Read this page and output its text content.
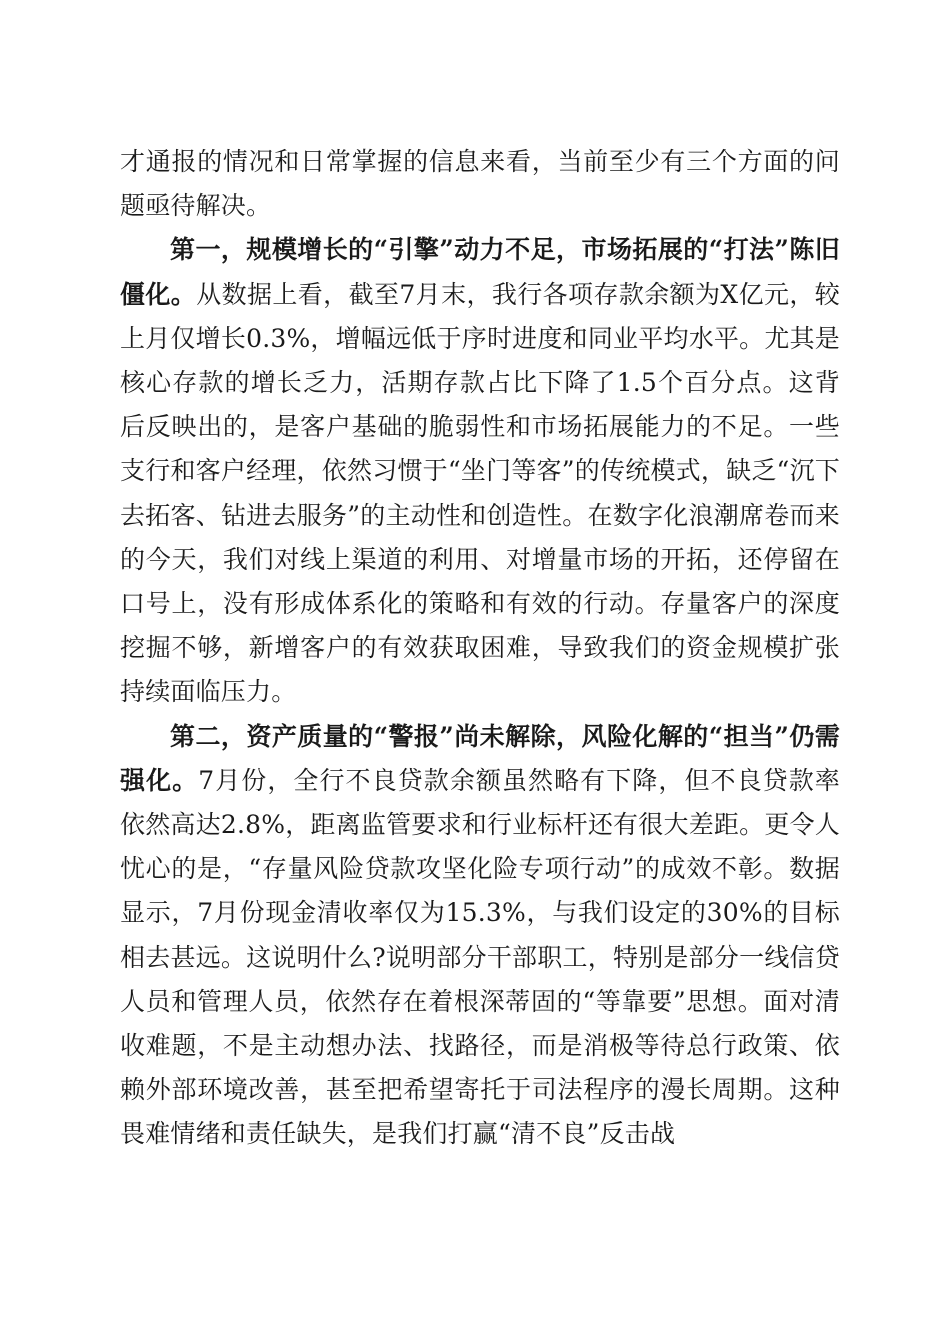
才通报的情况和日常掌握的信息来看，当前至少有三个方面的问题亟待解决。

第一，规模增长的“引擎”动力不足，市场拓展的“打法”陈旧僵化。从数据上看，截至7月末，我行各项存款余额为X亿元，较上月仅增长0.3%，增幅远低于序时进度和同业平均水平。尤其是核心存款的增长乏力，活期存款占比下降了1.5个百分点。这背后反映出的，是客户基础的脆弱性和市场拓展能力的不足。一些支行和客户经理，依然习惯于“坐门等客”的传统模式，缺乏“沉下去拓客、钻进去服务”的主动性和创造性。在数字化浪潮席卷而来的今天，我们对线上渠道的利用、对增量市场的开拓，还停留在口号上，没有形成体系化的策略和有效的行动。存量客户的深度挖掘不够，新增客户的有效获取困难，导致我们的资金规模扩张持续面临压力。

第二，资产质量的“警报”尚未解除，风险化解的“担当”仍需强化。7月份，全行不良贷款余额虽然略有下降，但不良贷款率依然高达2.8%，距离监管要求和行业标杆还有很大差距。更令人忧心的是，“存量风险贷款攻坚化险专项行动”的成效不彰。数据显示，7月份现金清收率仅为15.3%，与我们设定的30%的目标相去甚远。这说明什么?说明部分干部职工，特别是部分一线信贷人员和管理人员，依然存在着根深蒂固的“等靠要”思想。面对清收难题，不是主动想办法、找路径，而是消极等待总行政策、依赖外部环境改善，甚至把希望寄托于司法程序的漫长周期。这种畏难情绪和责任缺失，是我们打赢“清不良”反击战
